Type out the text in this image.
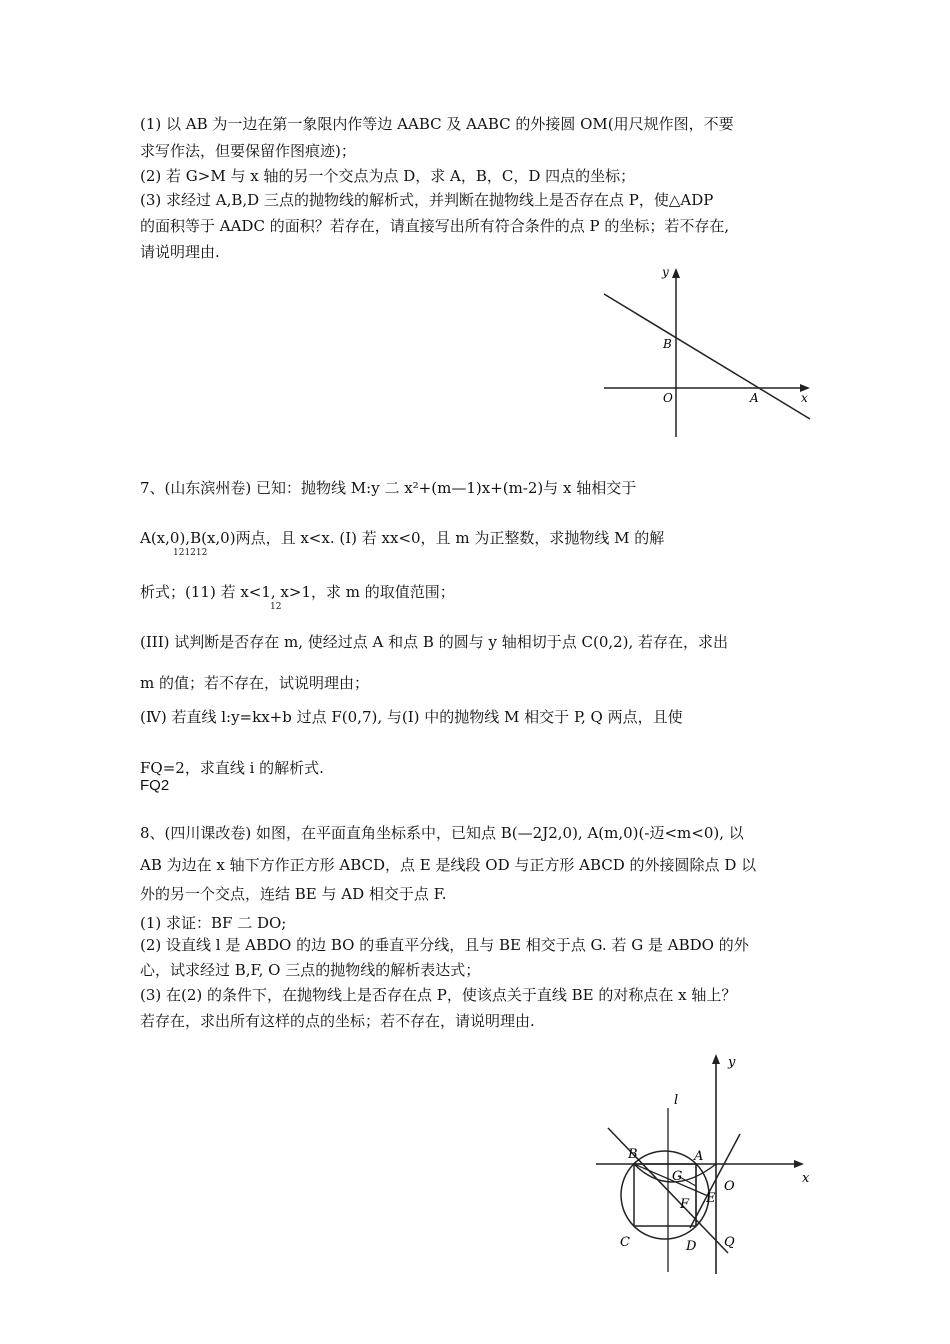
(1) 以 AB 为一边在第一象限内作等边 AABC 及 AABC 的外接圆 OM(用尺规作图，不要
求写作法，但要保留作图痕迹)；
(2) 若 G>M 与 x 轴的另一个交点为点 D，求 A，B，C，D 四点的坐标；
(3) 求经过 A,B,D 三点的抛物线的解析式，并判断在抛物线上是否存在点 P，使△ADP
的面积等于 AADC 的面积？若存在，请直接写出所有符合条件的点 P 的坐标；若不存在,
请说明理由.
y
x
O
B
A
7、(山东滨州卷) 已知：抛物线 M:y 二 x²+(m—1)x+(m-2)与 x 轴相交于
A(x,0),B(x,0)两点，且 x<x. (I) 若 xx<0，且 m 为正整数，求抛物线 M 的解
121212
析式；(11) 若 x<1, x>1，求 m 的取值范围；
12
(III) 试判断是否存在 m, 使经过点 A 和点 B 的圆与 y 轴相切于点 C(0,2), 若存在，求出
m 的值；若不存在，试说明理由；
(Ⅳ) 若直线 l:y=kx+b 过点 F(0,7), 与(I) 中的抛物线 M 相交于 P, Q 两点，且使
FQ=2，求直线 i 的解析式.
FQ2
8、(四川课改卷) 如图，在平面直角坐标系中，已知点 B(—2J2,0), A(m,0)(-迈<m<0), 以
AB 为边在 x 轴下方作正方形 ABCD，点 E 是线段 OD 与正方形 ABCD 的外接圆除点 D 以
外的另一个交点，连结 BE 与 AD 相交于点 F.
(1) 求证：BF 二 DO;
(2) 设直线 l 是 ABDO 的边 BO 的垂直平分线，且与 BE 相交于点 G. 若 G 是 ABDO 的外
心，试求经过 B,F, O 三点的抛物线的解析表达式；
(3) 在(2) 的条件下，在抛物线上是否存在点 P，使该点关于直线 BE 的对称点在 x 轴上？
若存在，求出所有这样的点的坐标；若不存在，请说明理由.
y
x
l
B	A
G
O
F E
C	D Q
